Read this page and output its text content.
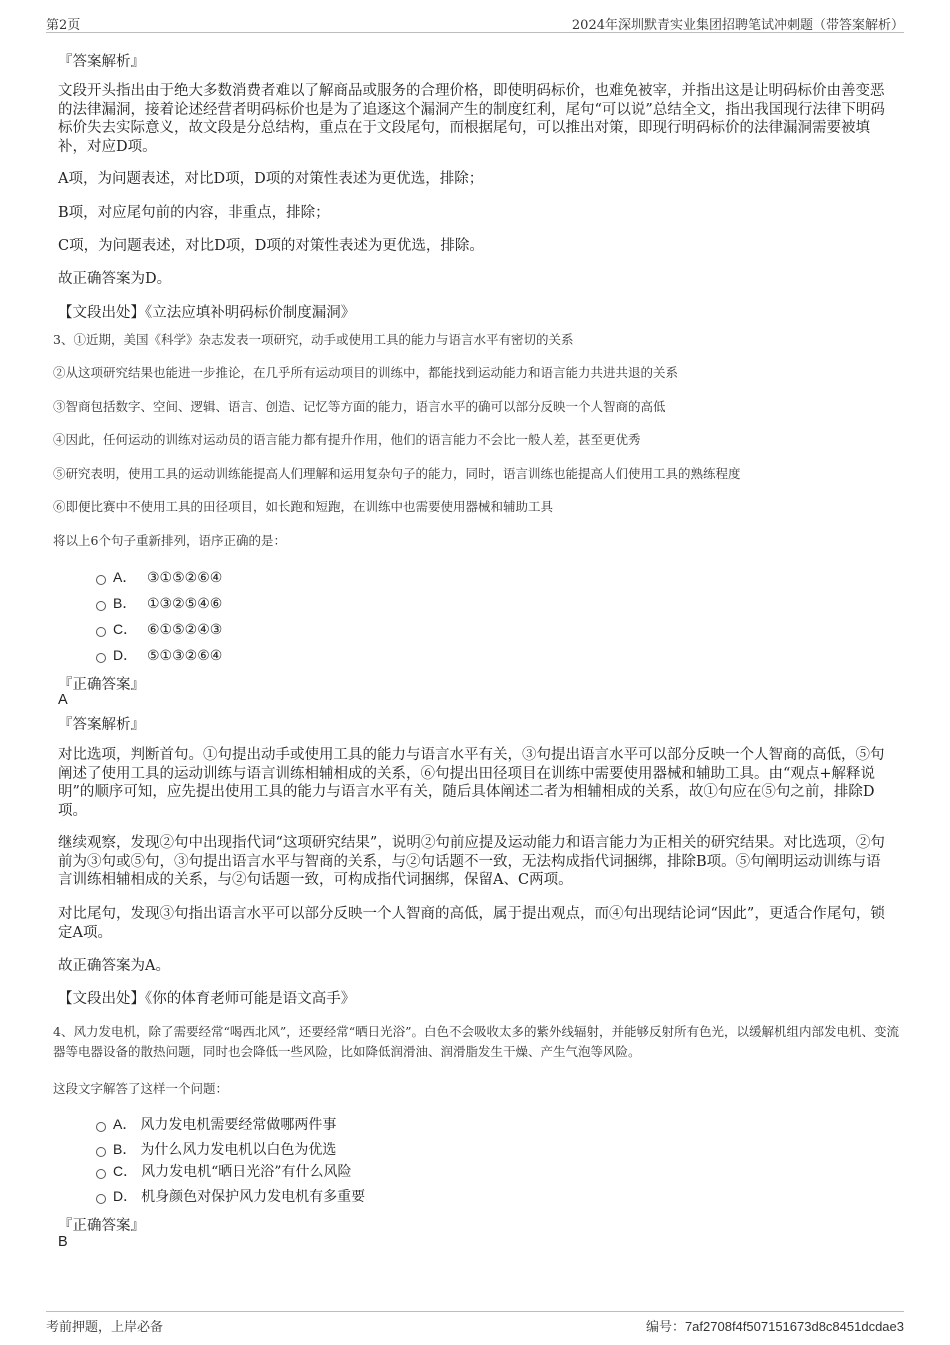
第2页	2024年深圳默青实业集团招聘笔试冲刺题（带答案解析）
『答案解析』
文段开头指出由于绝大多数消费者难以了解商品或服务的合理价格，即使明码标价，也难免被宰，并指出这是让明码标价由善变恶的法律漏洞，接着论述经营者明码标价也是为了追逐这个漏洞产生的制度红利，尾句“可以说”总结全文，指出我国现行法律下明码标价失去实际意义，故文段是分总结构，重点在于文段尾句，而根据尾句，可以推出对策，即现行明码标价的法律漏洞需要被填补，对应D项。
A项，为问题表述，对比D项，D项的对策性表述为更优选，排除；
B项，对应尾句前的内容，非重点，排除；
C项，为问题表述，对比D项，D项的对策性表述为更优选，排除。
故正确答案为D。
【文段出处】《立法应填补明码标价制度漏洞》
3、①近期，美国《科学》杂志发表一项研究，动手或使用工具的能力与语言水平有密切的关系
②从这项研究结果也能进一步推论，在几乎所有运动项目的训练中，都能找到运动能力和语言能力共进共退的关系
③智商包括数字、空间、逻辑、语言、创造、记忆等方面的能力，语言水平的确可以部分反映一个人智商的高低
④因此，任何运动的训练对运动员的语言能力都有提升作用，他们的语言能力不会比一般人差，甚至更优秀
⑤研究表明，使用工具的运动训练能提高人们理解和运用复杂句子的能力，同时，语言训练也能提高人们使用工具的熟练程度
⑥即便比赛中不使用工具的田径项目，如长跑和短跑，在训练中也需要使用器械和辅助工具
将以上6个句子重新排列，语序正确的是：
A． ③①⑤②⑥④
B． ①③②⑤④⑥
C． ⑥①⑤②④③
D． ⑤①③②⑥④
『正确答案』
A
『答案解析』
对比选项，判断首句。①句提出动手或使用工具的能力与语言水平有关，③句提出语言水平可以部分反映一个人智商的高低，⑤句阐述了使用工具的运动训练与语言训练相辅相成的关系，⑥句提出田径项目在训练中需要使用器械和辅助工具。由“观点+解释说明”的顺序可知，应先提出使用工具的能力与语言水平有关，随后具体阐述二者为相辅相成的关系，故①句应在⑤句之前，排除D项。
继续观察，发现②句中出现指代词“这项研究结果”，说明②句前应提及运动能力和语言能力为正相关的研究结果。对比选项，②句前为③句或⑤句，③句提出语言水平与智商的关系，与②句话题不一致，无法构成指代词捆绑，排除B项。⑤句阐明运动训练与语言训练相辅相成的关系，与②句话题一致，可构成指代词捆绑，保留A、C两项。
对比尾句，发现③句指出语言水平可以部分反映一个人智商的高低，属于提出观点，而④句出现结论词“因此”，更适合作尾句，锁定A项。
故正确答案为A。
【文段出处】《你的体育老师可能是语文高手》
4、风力发电机，除了需要经常“喝西北风”，还要经常“晒日光浴”。白色不会吸收太多的紫外线辐射，并能够反射所有色光，以缓解机组内部发电机、变流器等电器设备的散热问题，同时也会降低一些风险，比如降低润滑油、润滑脂发生干燥、产生气泡等风险。
这段文字解答了这样一个问题：
A． 风力发电机需要经常做哪两件事
B． 为什么风力发电机以白色为优选
C． 风力发电机“晒日光浴”有什么风险
D． 机身颜色对保护风力发电机有多重要
『正确答案』
B
考前押题，上岸必备	编号：7af2708f4f507151673d8c8451dcdae3
